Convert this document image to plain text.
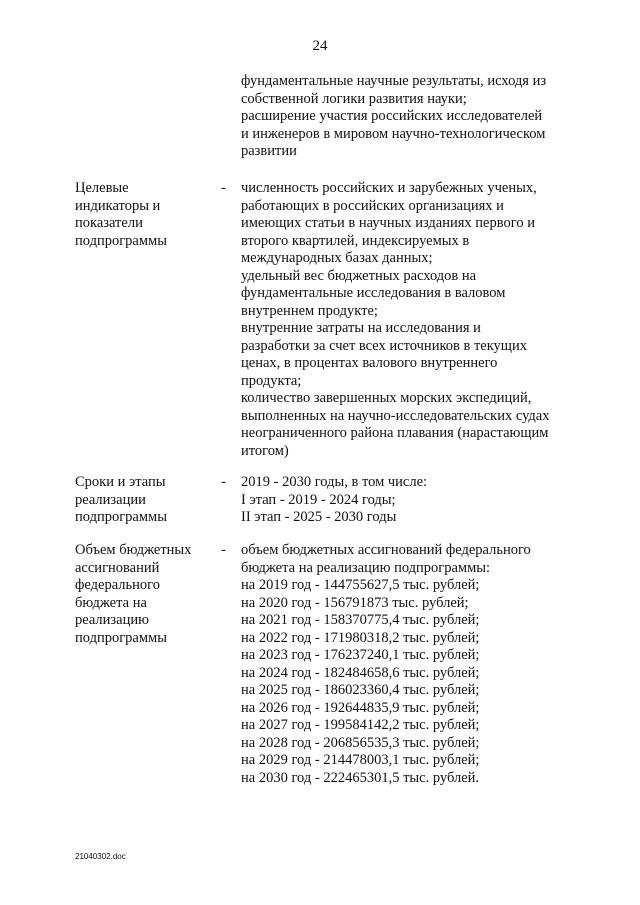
24
фундаментальные научные результаты, исходя из
собственной логики развития науки;
расширение участия российских исследователей
и инженеров в мировом научно-технологическом
развитии
Целевые
индикаторы и
показатели
подпрограммы
- численность российских и зарубежных ученых,
работающих в российских организациях и
имеющих статьи в научных изданиях первого и
второго квартилей, индексируемых в
международных базах данных;
удельный вес бюджетных расходов на
фундаментальные исследования в валовом
внутреннем продукте;
внутренние затраты на исследования и
разработки за счет всех источников в текущих
ценах, в процентах валового внутреннего
продукта;
количество завершенных морских экспедиций,
выполненных на научно-исследовательских судах
неограниченного района плавания (нарастающим
итогом)
Сроки и этапы
реализации
подпрограммы
- 2019 - 2030 годы, в том числе:
I этап - 2019 - 2024 годы;
II этап - 2025 - 2030 годы
Объем бюджетных
ассигнований
федерального
бюджета на
реализацию
подпрограммы
- объем бюджетных ассигнований федерального
бюджета на реализацию подпрограммы:
на 2019 год - 144755627,5 тыс. рублей;
на 2020 год - 156791873 тыс. рублей;
на 2021 год - 158370775,4 тыс. рублей;
на 2022 год - 171980318,2 тыс. рублей;
на 2023 год - 176237240,1 тыс. рублей;
на 2024 год - 182484658,6 тыс. рублей;
на 2025 год - 186023360,4 тыс. рублей;
на 2026 год - 192644835,9 тыс. рублей;
на 2027 год - 199584142,2 тыс. рублей;
на 2028 год - 206856535,3 тыс. рублей;
на 2029 год - 214478003,1 тыс. рублей;
на 2030 год - 222465301,5 тыс. рублей.
21040302.doc
